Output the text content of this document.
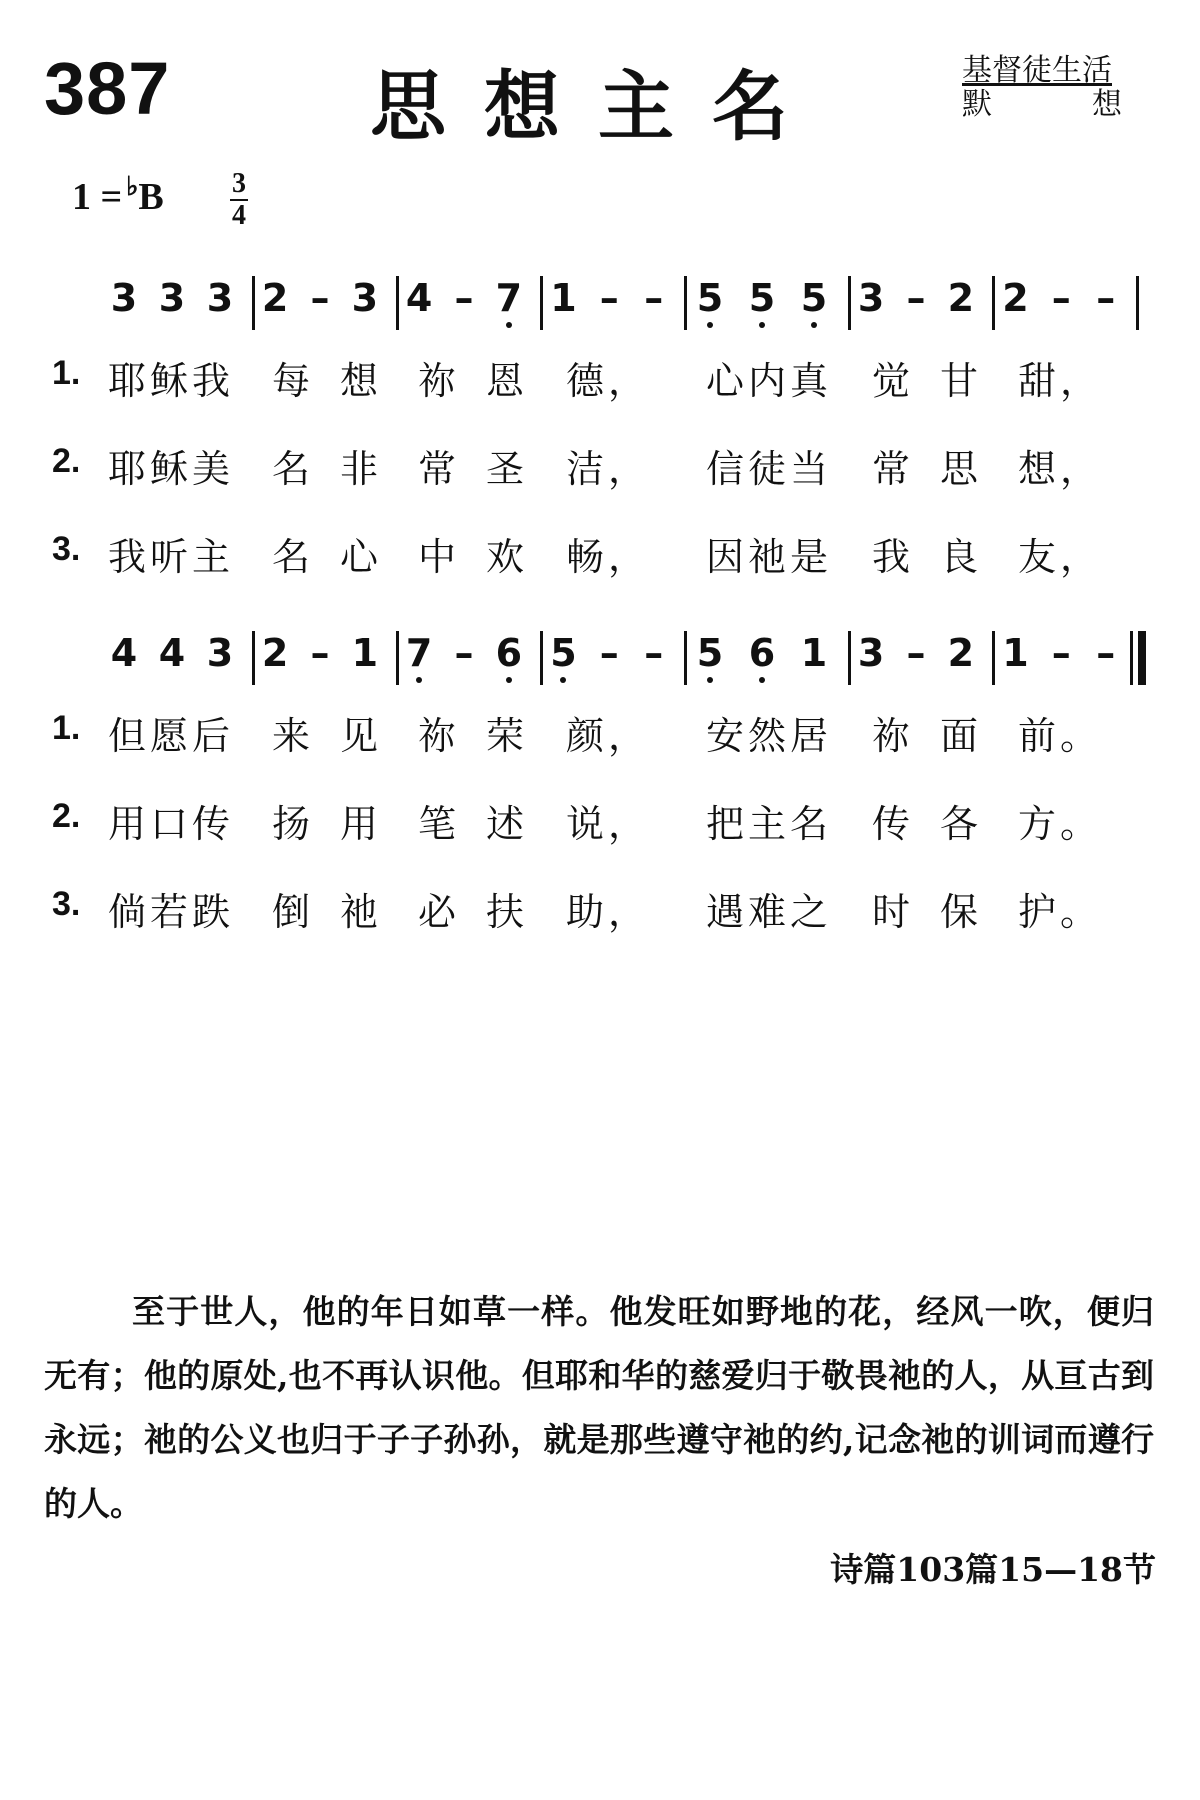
387	思想主名	基督徒生活
默	想
1 = ♭B 3
4
3 3 3 2 – 3 4 – 7 1 – – 5 5 5 3 – 2 2 – –
1. 耶稣我 每想 祢恩 德， 心内真 觉甘 甜，
2. 耶稣美 名非 常圣 洁， 信徒当 常思 想，
3. 我听主 名心 中欢 畅， 因祂是 我良 友，
4 4 3 2 – 1 7 – 6 5 – – 5 6 1 3 – 2 1 – –
1. 但愿后 来见 祢荣 颜， 安然居 祢面 前。
2. 用口传 扬用 笔述 说， 把主名 传各 方。
3. 倘若跌 倒祂 必扶 助， 遇难之 时保 护。
至于世人，他的年日如草一样。他发旺如野地的花，经风一吹，便归无有；他的原处,也不再认识他。但耶和华的慈爱归于敬畏祂的人，从亘古到永远；祂的公义也归于子子孙孙，就是那些遵守祂的约,记念祂的训词而遵行的人。
诗篇103篇15—18节
